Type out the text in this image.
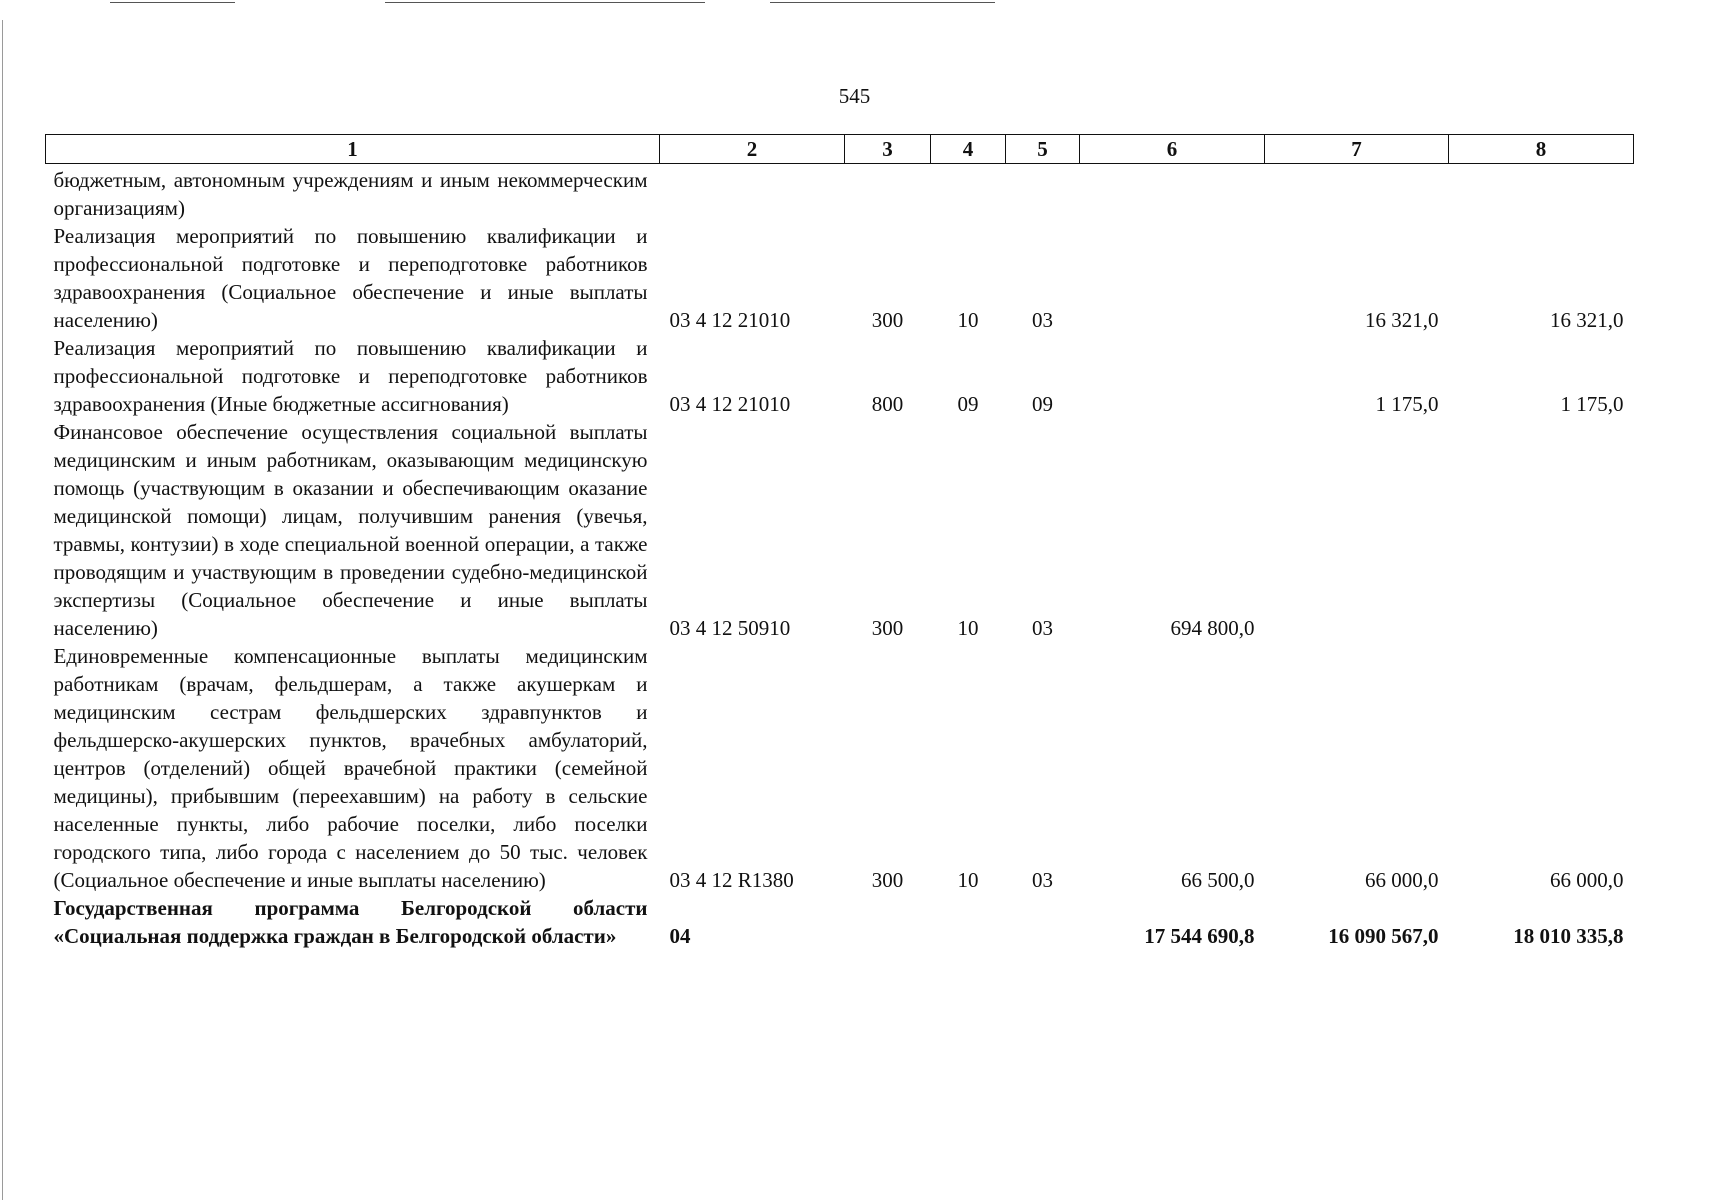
545
1	2	3	4	5	6	7	8
бюджетным, автономным учреждениям и иным некоммерческим организациям)							
Реализация мероприятий по повышению квалификации и профессиональной подготовке и переподготовке работников здравоохранения (Социальное обеспечение и иные выплаты населению)	03 4 12 21010	300	10	03		16 321,0	16 321,0
Реализация мероприятий по повышению квалификации и профессиональной подготовке и переподготовке работников здравоохранения (Иные бюджетные ассигнования)	03 4 12 21010	800	09	09		1 175,0	1 175,0
Финансовое обеспечение осуществления социальной выплаты медицинским и иным работникам, оказывающим медицинскую помощь (участвующим в оказании и обеспечивающим оказание медицинской помощи) лицам, получившим ранения (увечья, травмы, контузии) в ходе специальной военной операции, а также проводящим и участвующим в проведении судебно-медицинской экспертизы (Социальное обеспечение и иные выплаты населению)	03 4 12 50910	300	10	03	694 800,0		
Единовременные компенсационные выплаты медицинским работникам (врачам, фельдшерам, а также акушеркам и медицинским сестрам фельдшерских здравпунктов и фельдшерско-акушерских пунктов, врачебных амбулаторий, центров (отделений) общей врачебной практики (семейной медицины), прибывшим (переехавшим) на работу в сельские населенные пункты, либо рабочие поселки, либо поселки городского типа, либо города с населением до 50 тыс. человек (Социальное обеспечение и иные выплаты населению)	03 4 12 R1380	300	10	03	66 500,0	66 000,0	66 000,0
Государственная программа Белгородской области «Социальная поддержка граждан в Белгородской области»	04				17 544 690,8	16 090 567,0	18 010 335,8
